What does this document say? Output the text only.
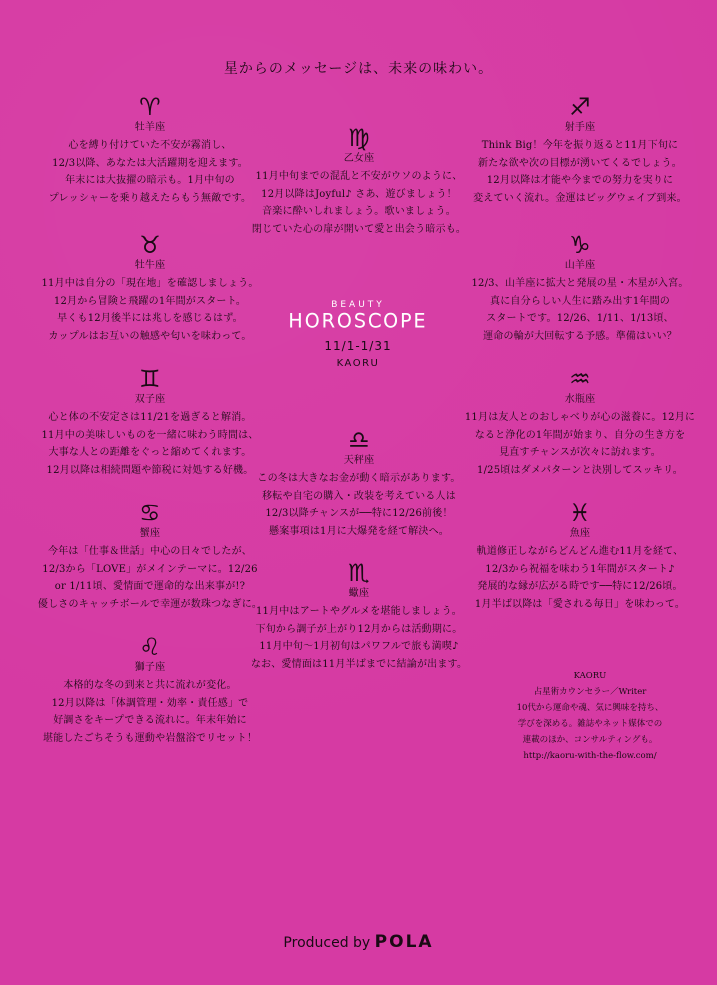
星からのメッセージは、未来の味わい。
♈
牡羊座
心を縛り付けていた不安が霧消し、
12/3以降、あなたは大活躍期を迎えます。
年末には大抜擢の暗示も。1月中旬の
プレッシャーを乗り越えたらもう無敵です。
♍
乙女座
11月中旬までの混乱と不安がウソのように、
12月以降はJoyful♪ さあ、遊びましょう！
音楽に酔いしれましょう。歌いましょう。
閉じていた心の扉が開いて愛と出会う暗示も。
♐
射手座
Think Big！今年を振り返ると11月下旬に
新たな欲や次の目標が湧いてくるでしょう。
12月以降は才能や今までの努力を実りに
変えていく流れ。金運はビッグウェイブ到来。
♉
牡牛座
11月中は自分の「現在地」を確認しましょう。
12月から冒険と飛躍の1年間がスタート。
早くも12月後半には兆しを感じるはず。
カップルはお互いの触感や匂いを味わって。
♑
山羊座
12/3、山羊座に拡大と発展の星・木星が入宮。
真に自分らしい人生に踏み出す1年間の
スタートです。12/26、1/11、1/13頃、
運命の輪が大回転する予感。準備はいい？
BEAUTY
HOROSCOPE
11/1-1/31
KAORU
♊
双子座
心と体の不安定さは11/21を過ぎると解消。
11月中の美味しいものを一緒に味わう時間は、
大事な人との距離をぐっと縮めてくれます。
12月以降は相続問題や節税に対処する好機。
♒
水瓶座
11月は友人とのおしゃべりが心の滋養に。12月に
なると浄化の1年間が始まり、自分の生き方を
見直すチャンスが次々に訪れます。
1/25頃はダメパターンと決別してスッキリ。
♎
天秤座
この冬は大きなお金が動く暗示があります。
移転や自宅の購入・改装を考えている人は
12/3以降チャンスが──特に12/26前後！
懸案事項は1月に大爆発を経て解決へ。
♋
蟹座
今年は「仕事＆世話」中心の日々でしたが、
12/3から「LOVE」がメインテーマに。12/26
or 1/11頃、愛情面で運命的な出来事が!?
優しさのキャッチボールで幸運が数珠つなぎに。
♓
魚座
軌道修正しながらどんどん進む11月を経て、
12/3から祝福を味わう1年間がスタート♪
発展的な縁が広がる時です──特に12/26頃。
1月半ば以降は「愛される毎日」を味わって。
♏
蠍座
11月中はアートやグルメを堪能しましょう。
下旬から調子が上がり12月からは活動期に。
11月中旬〜1月初旬はパワフルで旅も満喫♪
なお、愛情面は11月半ばまでに結論が出ます。
♌
獅子座
本格的な冬の到来と共に流れが変化。
12月以降は「体調管理・効率・責任感」で
好調さをキープできる流れに。年末年始に
堪能したごちそうも運動や岩盤浴でリセット！
KAORU
占星術カウンセラー／Writer
10代から運命や魂、気に興味を持ち、
学びを深める。雑誌やネット媒体での
連載のほか、コンサルティングも。
http://kaoru-with-the-flow.com/
Produced by POLA
